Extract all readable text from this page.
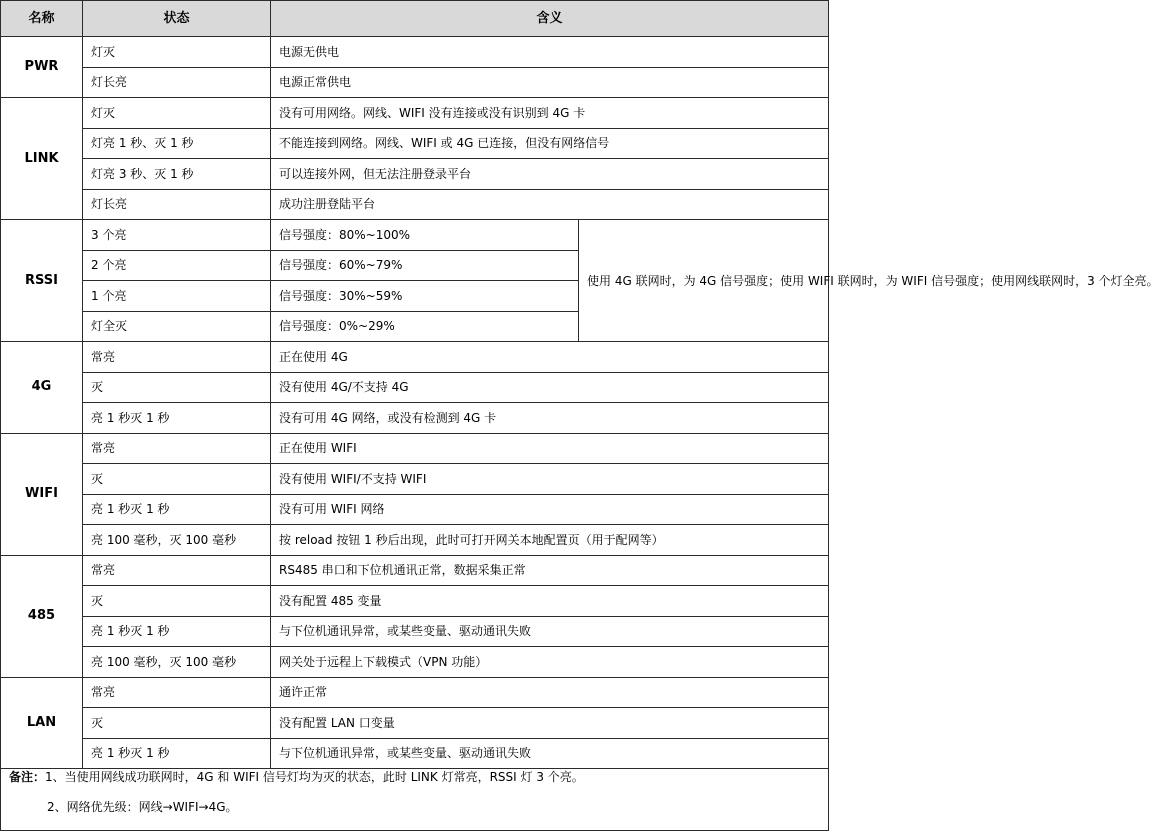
名称	状态	含义	
PWR	灯灭	电源无供电	
	灯长亮	电源正常供电	
LINK	灯灭	没有可用网络。网线、WIFI 没有连接或没有识别到 4G 卡	
	灯亮 1 秒、灭 1 秒	不能连接到网络。网线、WIFI 或 4G 已连接，但没有网络信号	
	灯亮 3 秒、灭 1 秒	可以连接外网，但无法注册登录平台	
	灯长亮	成功注册登陆平台	
RSSI	3 个亮	信号强度：80%~100%	使用 4G 联网时，为 4G 信号强度；使用 WIFI 联网时，为 WIFI 信号强度；使用网线联网时，3 个灯全亮。
	2 个亮	信号强度：60%~79%	
	1 个亮	信号强度：30%~59%	
	灯全灭	信号强度：0%~29%	
4G	常亮	正在使用 4G	
	灭	没有使用 4G/不支持 4G	
	亮 1 秒灭 1 秒	没有可用 4G 网络，或没有检测到 4G 卡	
WIFI	常亮	正在使用 WIFI	
	灭	没有使用 WIFI/不支持 WIFI	
	亮 1 秒灭 1 秒	没有可用 WIFI 网络	
	亮 100 毫秒，灭 100 毫秒	按 reload 按钮 1 秒后出现，此时可打开网关本地配置页（用于配网等）	
485	常亮	RS485 串口和下位机通讯正常，数据采集正常	
	灭	没有配置 485 变量	
	亮 1 秒灭 1 秒	与下位机通讯异常，或某些变量、驱动通讯失败	
	亮 100 毫秒，灭 100 毫秒	网关处于远程上下载模式（VPN 功能）	
LAN	常亮	通许正常	
	灭	没有配置 LAN 口变量	
	亮 1 秒灭 1 秒	与下位机通讯异常，或某些变量、驱动通讯失败	

备注：1、当使用网线成功联网时，4G 和 WIFI 信号灯均为灭的状态，此时 LINK 灯常亮，RSSI 灯 3 个亮。
2、网络优先级：网线→WIFI→4G。			
